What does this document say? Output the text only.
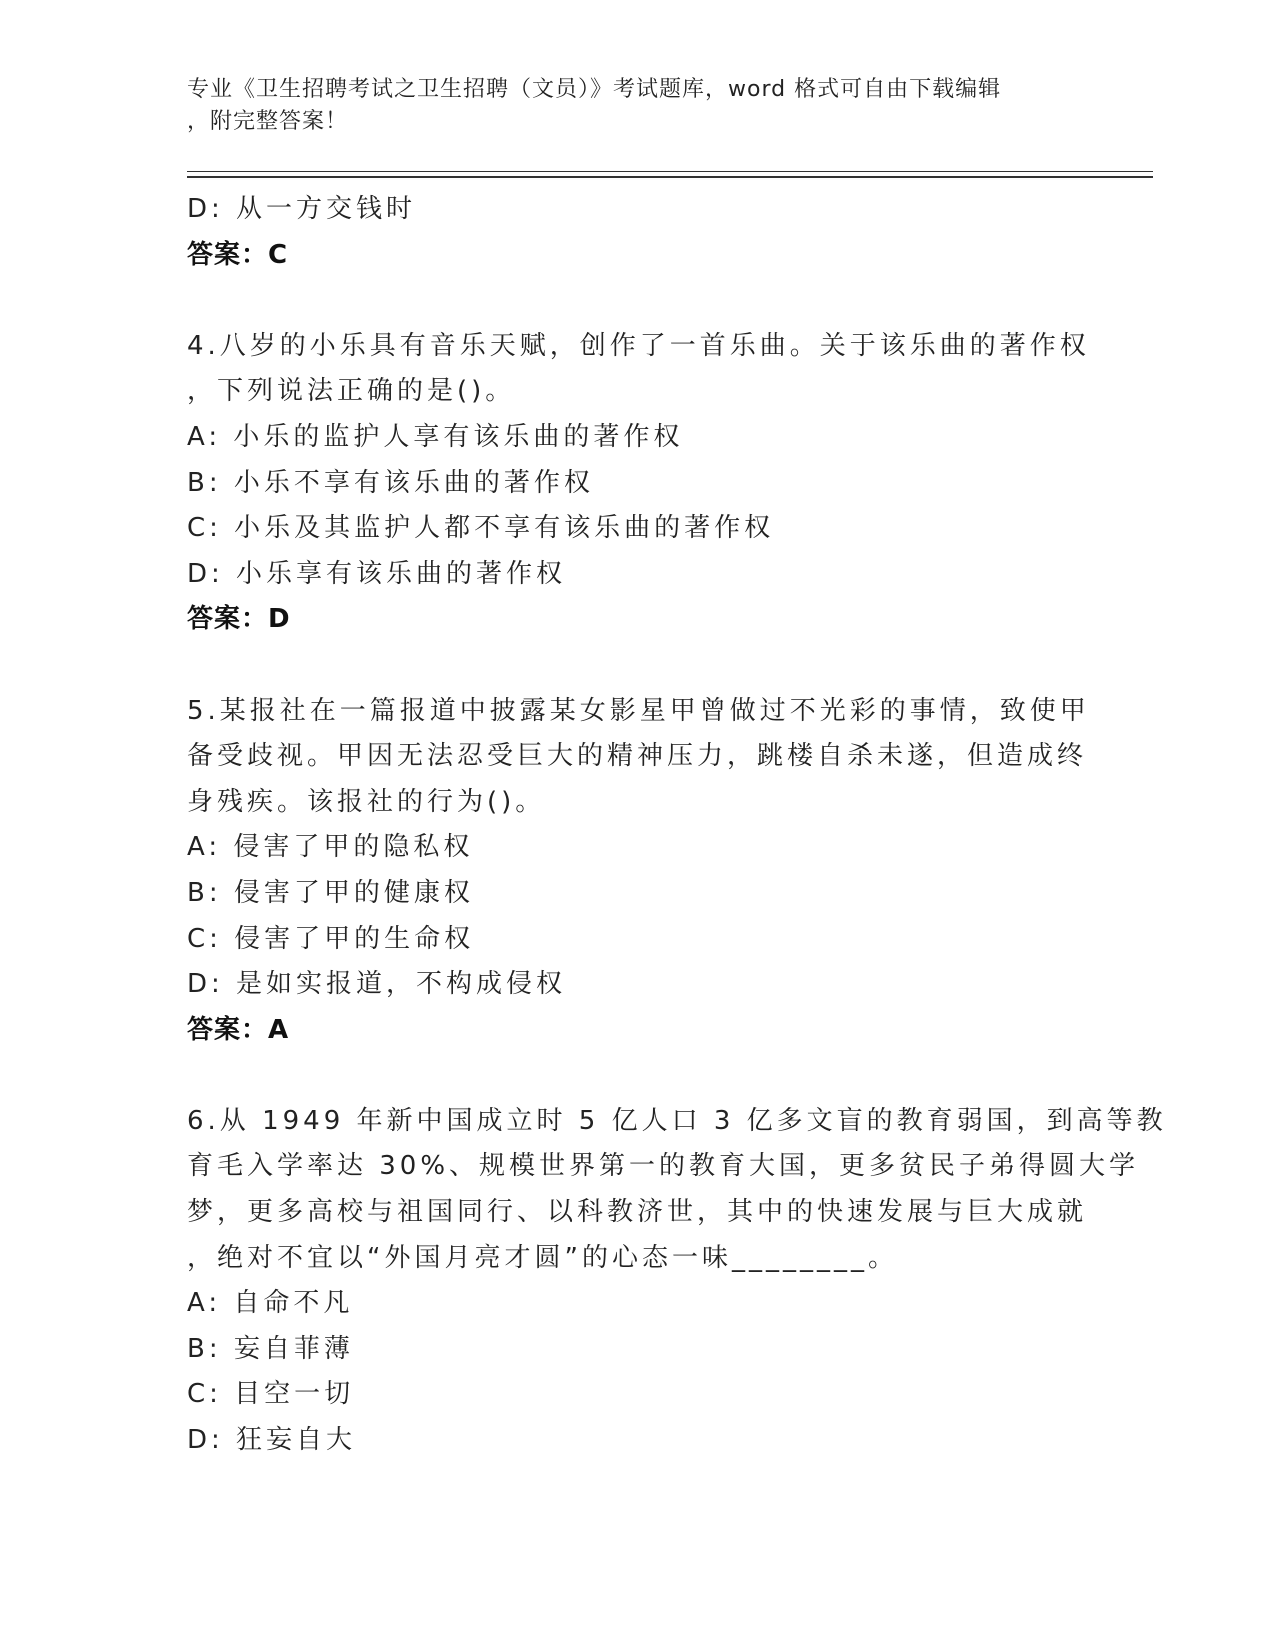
专业《卫生招聘考试之卫生招聘（文员）》考试题库，word 格式可自由下载编辑
，附完整答案！
D: 从一方交钱时
答案：C
4.八岁的小乐具有音乐天赋，创作了一首乐曲。关于该乐曲的著作权
，下列说法正确的是()。
A: 小乐的监护人享有该乐曲的著作权
B: 小乐不享有该乐曲的著作权
C: 小乐及其监护人都不享有该乐曲的著作权
D: 小乐享有该乐曲的著作权
答案：D
5.某报社在一篇报道中披露某女影星甲曾做过不光彩的事情，致使甲
备受歧视。甲因无法忍受巨大的精神压力，跳楼自杀未遂，但造成终
身残疾。该报社的行为()。
A: 侵害了甲的隐私权
B: 侵害了甲的健康权
C: 侵害了甲的生命权
D: 是如实报道，不构成侵权
答案：A
6.从 1949 年新中国成立时 5 亿人口 3 亿多文盲的教育弱国，到高等教
育毛入学率达 30%、规模世界第一的教育大国，更多贫民子弟得圆大学
梦，更多高校与祖国同行、以科教济世，其中的快速发展与巨大成就
，绝对不宜以“外国月亮才圆”的心态一味________。
A: 自命不凡
B: 妄自菲薄
C: 目空一切
D: 狂妄自大
